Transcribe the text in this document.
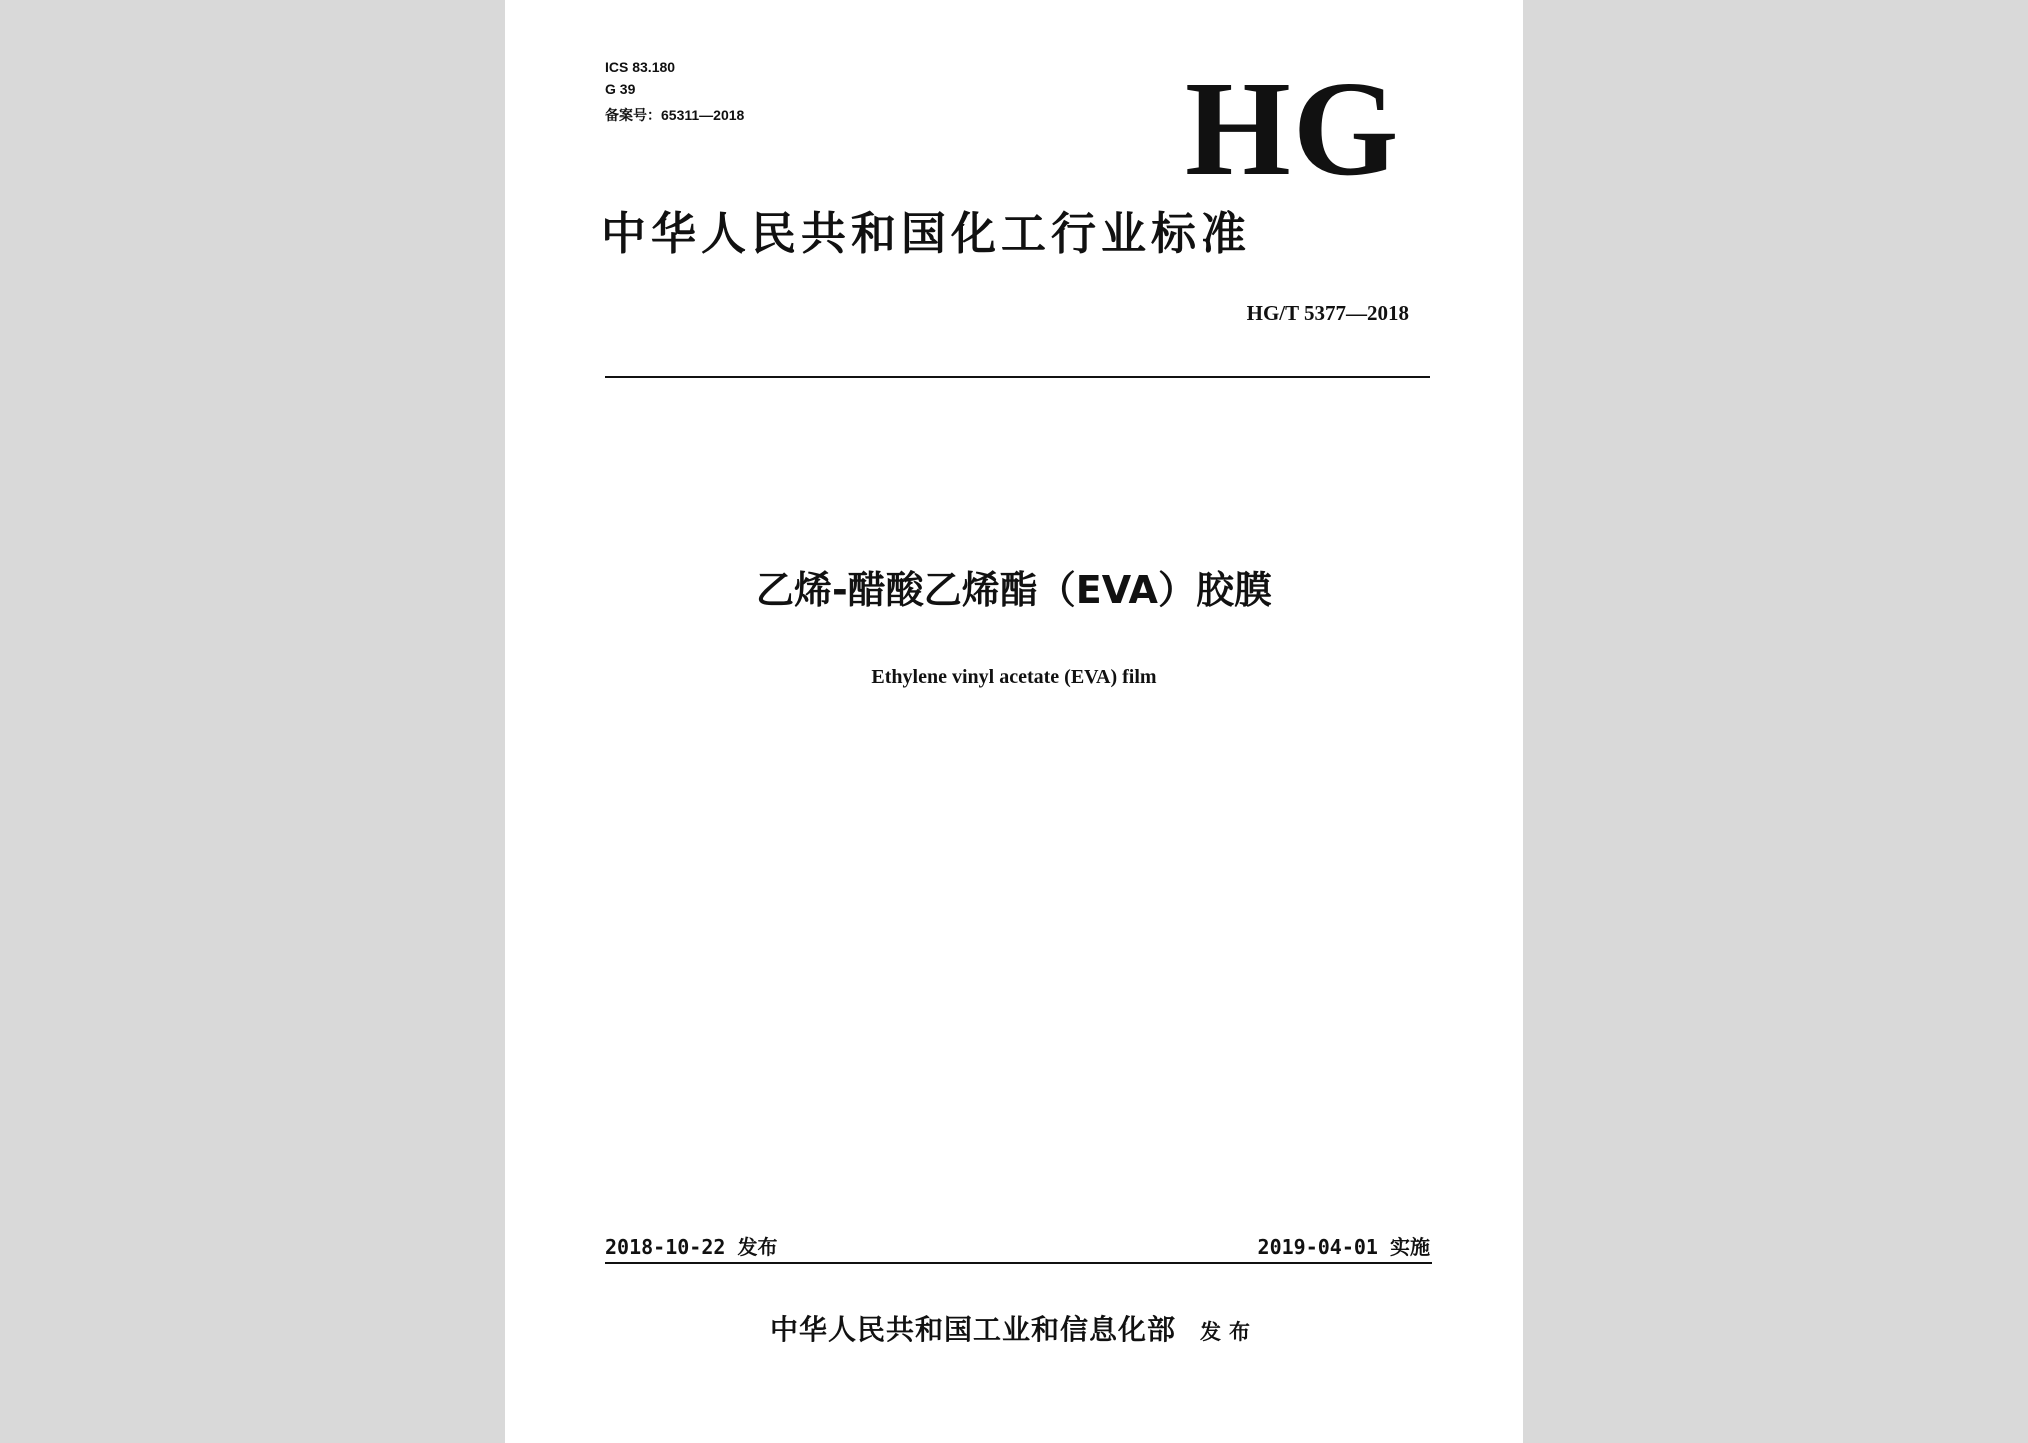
ICS 83.180
G 39
备案号：65311—2018	HG
中华人民共和国化工行业标准
HG/T 5377—2018
乙烯-醋酸乙烯酯（EVA）胶膜
Ethylene vinyl acetate (EVA) film
2018-10-22 发布	2019-04-01 实施
中华人民共和国工业和信息化部 发布
